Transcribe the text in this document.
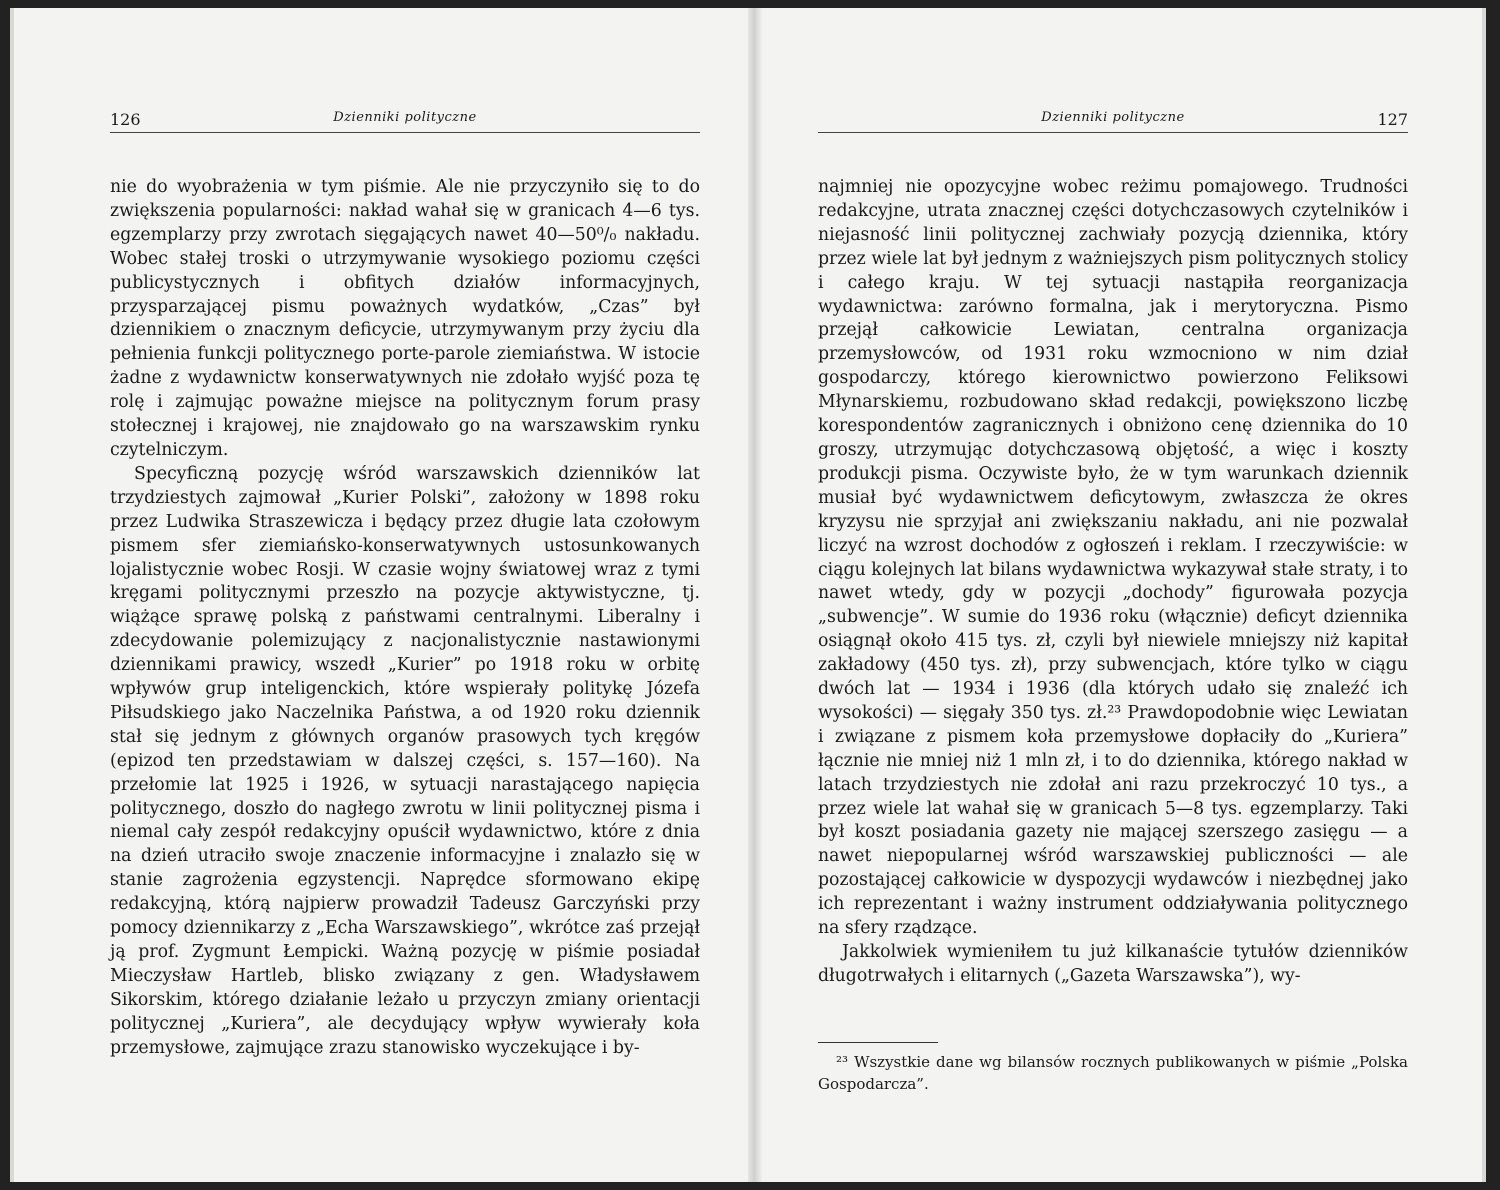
126	Dzienniki polityczne

nie do wyobrażenia w tym piśmie. Ale nie przyczyniło się to do zwiększenia popularności: nakład wahał się w granicach 4—6 tys. egzemplarzy przy zwrotach sięgających nawet 40—50⁰/₀ nakładu. Wobec stałej troski o utrzymywanie wysokiego poziomu części publicystycznych i obfitych działów informacyjnych, przysparzającej pismu poważnych wydatków, „Czas” był dziennikiem o znacznym deficycie, utrzymywanym przy życiu dla pełnienia funkcji politycznego porte-parole ziemiaństwa. W istocie żadne z wydawnictw konserwatywnych nie zdołało wyjść poza tę rolę i zajmując poważne miejsce na politycznym forum prasy stołecznej i krajowej, nie znajdowało go na warszawskim rynku czytelniczym.

Specyficzną pozycję wśród warszawskich dzienników lat trzydziestych zajmował „Kurier Polski”, założony w 1898 roku przez Ludwika Straszewicza i będący przez długie lata czołowym pismem sfer ziemiańsko-konserwatywnych ustosunkowanych lojalistycznie wobec Rosji. W czasie wojny światowej wraz z tymi kręgami politycznymi przeszło na pozycje aktywistyczne, tj. wiążące sprawę polską z państwami centralnymi. Liberalny i zdecydowanie polemizujący z nacjonalistycznie nastawionymi dziennikami prawicy, wszedł „Kurier” po 1918 roku w orbitę wpływów grup inteligenckich, które wspierały politykę Józefa Piłsudskiego jako Naczelnika Państwa, a od 1920 roku dziennik stał się jednym z głównych organów prasowych tych kręgów (epizod ten przedstawiam w dalszej części, s. 157—160). Na przełomie lat 1925 i 1926, w sytuacji narastającego napięcia politycznego, doszło do nagłego zwrotu w linii politycznej pisma i niemal cały zespół redakcyjny opuścił wydawnictwo, które z dnia na dzień utraciło swoje znaczenie informacyjne i znalazło się w stanie zagrożenia egzystencji. Naprędce sformowano ekipę redakcyjną, którą najpierw prowadził Tadeusz Garczyński przy pomocy dziennikarzy z „Echa Warszawskiego”, wkrótce zaś przejął ją prof. Zygmunt Łempicki. Ważną pozycję w piśmie posiadał Mieczysław Hartleb, blisko związany z gen. Władysławem Sikorskim, którego działanie leżało u przyczyn zmiany orientacji politycznej „Kuriera”, ale decydujący wpływ wywierały koła przemysłowe, zajmujące zrazu stanowisko wyczekujące i by-

Dzienniki polityczne	127

najmniej nie opozycyjne wobec reżimu pomajowego. Trudności redakcyjne, utrata znacznej części dotychczasowych czytelników i niejasność linii politycznej zachwiały pozycją dziennika, który przez wiele lat był jednym z ważniejszych pism politycznych stolicy i całego kraju. W tej sytuacji nastąpiła reorganizacja wydawnictwa: zarówno formalna, jak i merytoryczna. Pismo przejął całkowicie Lewiatan, centralna organizacja przemysłowców, od 1931 roku wzmocniono w nim dział gospodarczy, którego kierownictwo powierzono Feliksowi Młynarskiemu, rozbudowano skład redakcji, powiększono liczbę korespondentów zagranicznych i obniżono cenę dziennika do 10 groszy, utrzymując dotychczasową objętość, a więc i koszty produkcji pisma. Oczywiste było, że w tym warunkach dziennik musiał być wydawnictwem deficytowym, zwłaszcza że okres kryzysu nie sprzyjał ani zwiększaniu nakładu, ani nie pozwalał liczyć na wzrost dochodów z ogłoszeń i reklam. I rzeczywiście: w ciągu kolejnych lat bilans wydawnictwa wykazywał stałe straty, i to nawet wtedy, gdy w pozycji „dochody” figurowała pozycja „subwencje”. W sumie do 1936 roku (włącznie) deficyt dziennika osiągnął około 415 tys. zł, czyli był niewiele mniejszy niż kapitał zakładowy (450 tys. zł), przy subwencjach, które tylko w ciągu dwóch lat — 1934 i 1936 (dla których udało się znaleźć ich wysokości) — sięgały 350 tys. zł.²³ Prawdopodobnie więc Lewiatan i związane z pismem koła przemysłowe dopłaciły do „Kuriera” łącznie nie mniej niż 1 mln zł, i to do dziennika, którego nakład w latach trzydziestych nie zdołał ani razu przekroczyć 10 tys., a przez wiele lat wahał się w granicach 5—8 tys. egzemplarzy. Taki był koszt posiadania gazety nie mającej szerszego zasięgu — a nawet niepopularnej wśród warszawskiej publiczności — ale pozostającej całkowicie w dyspozycji wydawców i niezbędnej jako ich reprezentant i ważny instrument oddziaływania politycznego na sfery rządzące.

Jakkolwiek wymieniłem tu już kilkanaście tytułów dzienników długotrwałych i elitarnych („Gazeta Warszawska”), wy-

²³ Wszystkie dane wg bilansów rocznych publikowanych w piśmie „Polska Gospodarcza”.
